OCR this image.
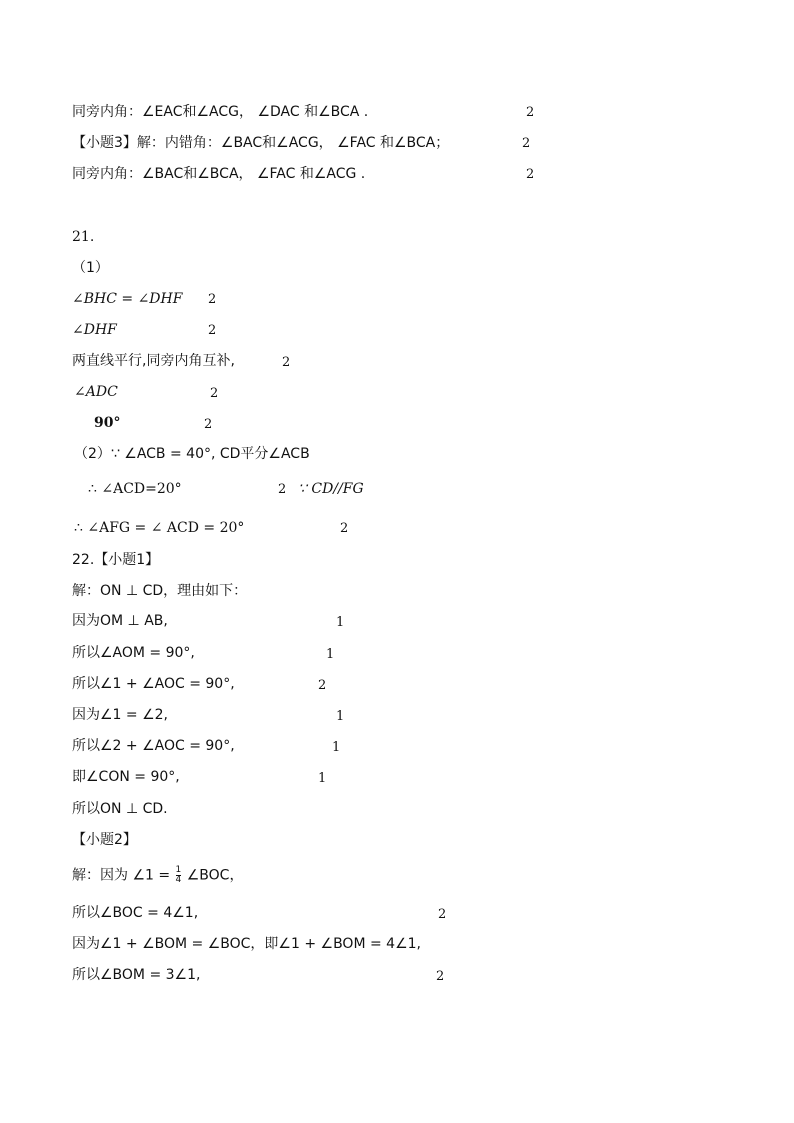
同旁内角：∠EAC和∠ACG， ∠DAC 和∠BCA .	2
【小题3】解：内错角：∠BAC和∠ACG， ∠FAC 和∠BCA；	2
同旁内角：∠BAC和∠BCA， ∠FAC 和∠ACG .	2
21.
（1）
∠BHC = ∠DHF 2
∠DHF	2
两直线平行,同旁内角互补,	2
∠ADC	2
90°	2
（2）∵ ∠ACB = 40°, CD平分∠ACB
∴ ∠ACD=20°	2 ∵ CD//FG
∴ ∠AFG = ∠ ACD = 20°	2
22.【小题1】
解：ON ⊥ CD，理由如下：
因为OM ⊥ AB,	1
所以∠AOM = 90°,	1
所以∠1 + ∠AOC = 90°,	2
因为∠1 = ∠2,	1
所以∠2 + ∠AOC = 90°,	1
即∠CON = 90°,	1
所以ON ⊥ CD.
【小题2】
解：因为 ∠1 = $\frac{1}{4}$ ∠BOC，
所以∠BOC = 4∠1,	2
因为∠1 + ∠BOM = ∠BOC，即∠1 + ∠BOM = 4∠1,
所以∠BOM = 3∠1,	2
